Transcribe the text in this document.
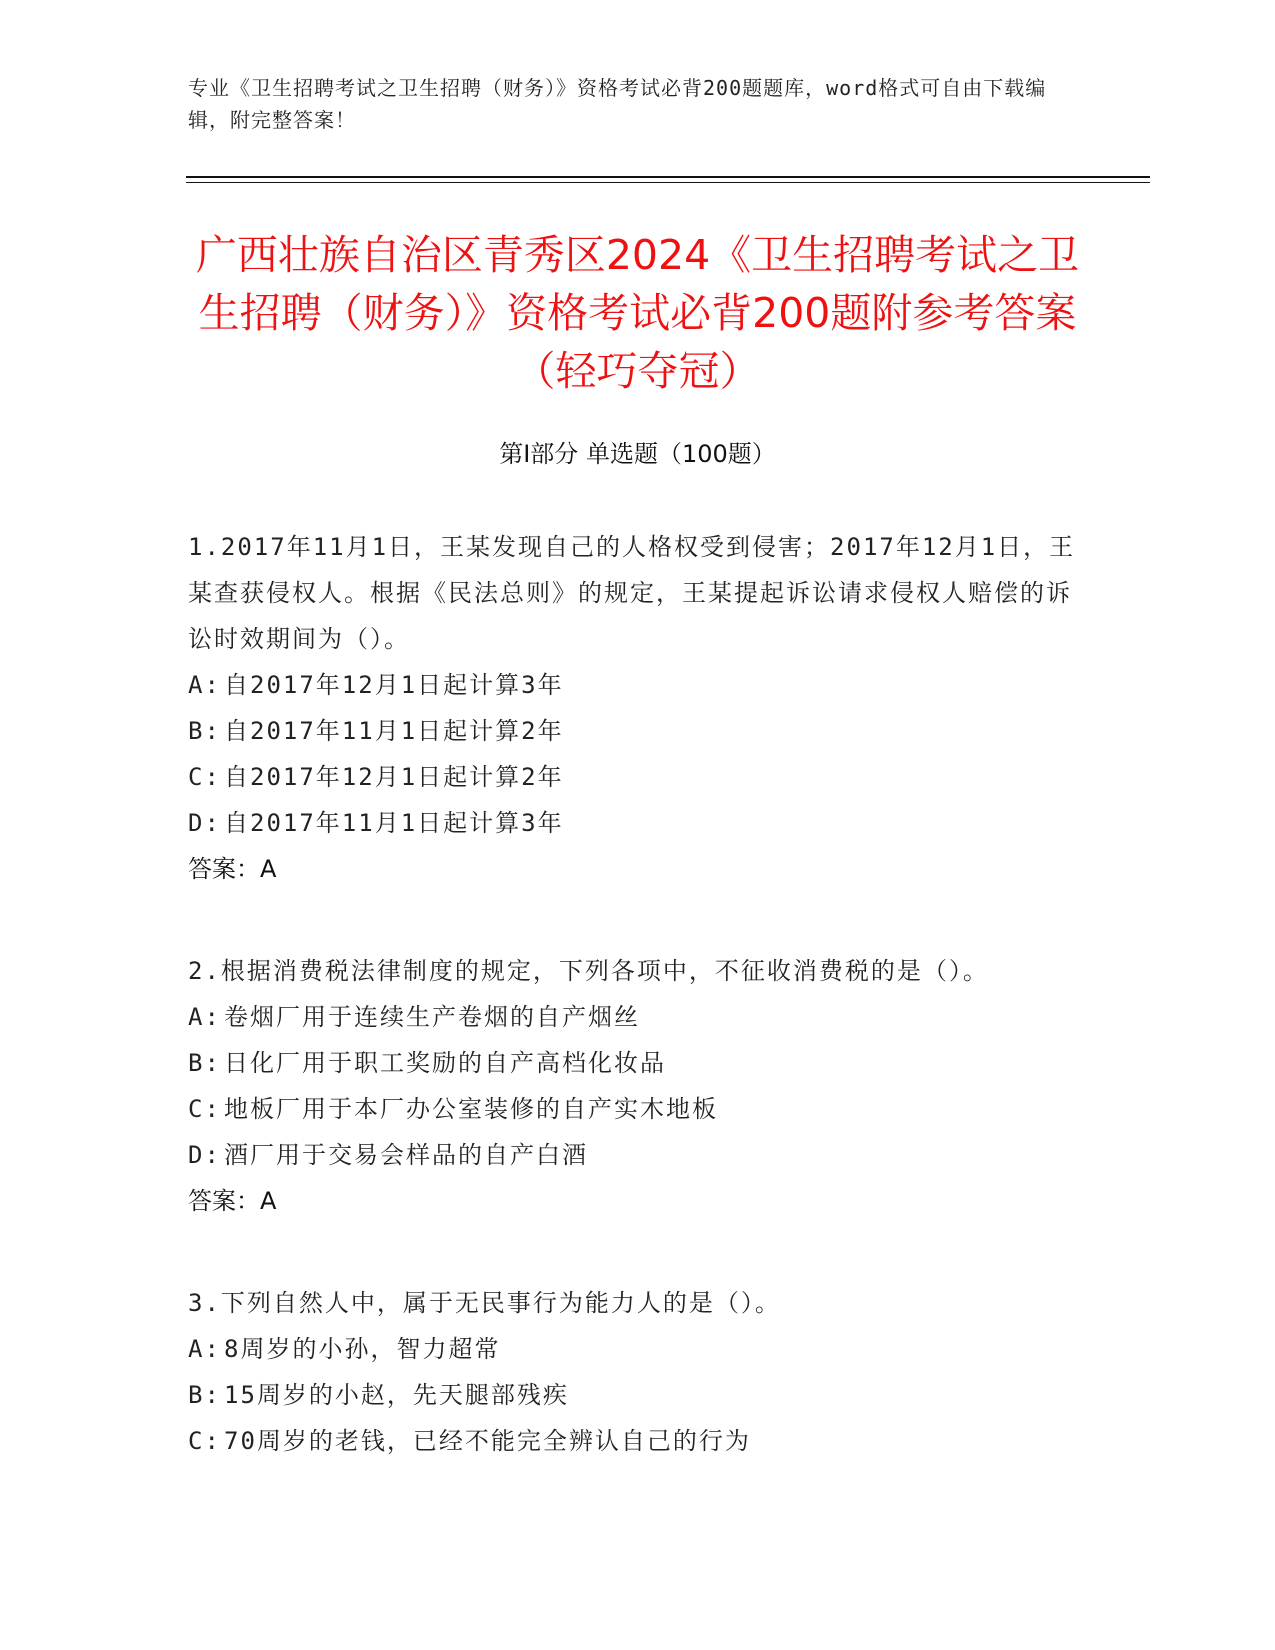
专业《卫生招聘考试之卫生招聘（财务）》资格考试必背200题题库，word格式可自由下载编辑，附完整答案！
广西壮族自治区青秀区2024《卫生招聘考试之卫生招聘（财务）》资格考试必背200题附参考答案（轻巧夺冠）
第Ⅰ部分 单选题（100题）
1.2017年11月1日，王某发现自己的人格权受到侵害；2017年12月1日，王某查获侵权人。根据《民法总则》的规定，王某提起诉讼请求侵权人赔偿的诉讼时效期间为（）。
A: 自2017年12月1日起计算3年
B: 自2017年11月1日起计算2年
C: 自2017年12月1日起计算2年
D: 自2017年11月1日起计算3年
答案：A
2.根据消费税法律制度的规定，下列各项中，不征收消费税的是（）。
A: 卷烟厂用于连续生产卷烟的自产烟丝
B: 日化厂用于职工奖励的自产高档化妆品
C: 地板厂用于本厂办公室装修的自产实木地板
D: 酒厂用于交易会样品的自产白酒
答案：A
3.下列自然人中，属于无民事行为能力人的是（）。
A: 8周岁的小孙，智力超常
B: 15周岁的小赵，先天腿部残疾
C: 70周岁的老钱，已经不能完全辨认自己的行为
